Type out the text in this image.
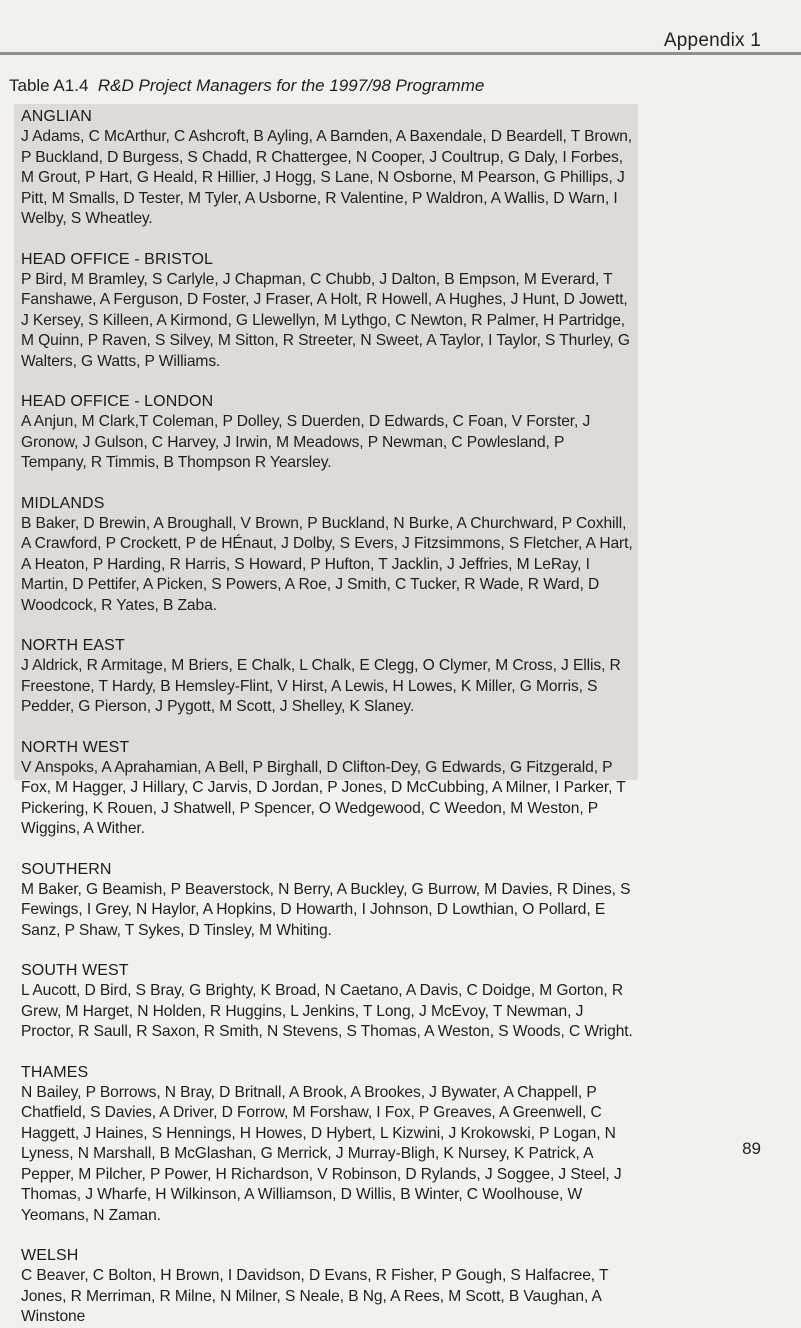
Appendix 1
Table A1.4 R&D Project Managers for the 1997/98 Programme

ANGLIAN

J Adams, C McArthur, C Ashcroft, B Ayling, A Barnden, A Baxendale, D Beardell, T Brown, P Buckland, D Burgess, S Chadd, R Chattergee, N Cooper, J Coultrup, G Daly, I Forbes, M Grout, P Hart, G Heald, R Hillier, J Hogg, S Lane, N Osborne, M Pearson, G Phillips, J Pitt, M Smalls, D Tester, M Tyler, A Usborne, R Valentine, P Waldron, A Wallis, D Warn, I Welby, S Wheatley.

HEAD OFFICE - BRISTOL

P Bird, M Bramley, S Carlyle, J Chapman, C Chubb, J Dalton, B Empson, M Everard, T Fanshawe, A Ferguson, D Foster, J Fraser, A Holt, R Howell, A Hughes, J Hunt, D Jowett, J Kersey, S Killeen, A Kirmond, G Llewellyn, M Lythgo, C Newton, R Palmer, H Partridge, M Quinn, P Raven, S Silvey, M Sitton, R Streeter, N Sweet, A Taylor, I Taylor, S Thurley, G Walters, G Watts, P Williams.

HEAD OFFICE - LONDON

A Anjun, M Clark,T Coleman, P Dolley, S Duerden, D Edwards, C Foan, V Forster, J Gronow, J Gulson, C Harvey, J Irwin, M Meadows, P Newman, C Powlesland, P Tempany, R Timmis, B Thompson R Yearsley.

MIDLANDS

B Baker, D Brewin, A Broughall, V Brown, P Buckland, N Burke, A Churchward, P Coxhill, A Crawford, P Crockett, P de HÉnaut, J Dolby, S Evers, J Fitzsimmons, S Fletcher, A Hart, A Heaton, P Harding, R Harris, S Howard, P Hufton, T Jacklin, J Jeffries, M LeRay, I Martin, D Pettifer, A Picken, S Powers, A Roe, J Smith, C Tucker, R Wade, R Ward, D Woodcock, R Yates, B Zaba.

NORTH EAST

J Aldrick, R Armitage, M Briers, E Chalk, L Chalk, E Clegg, O Clymer, M Cross, J Ellis, R Freestone, T Hardy, B Hemsley-Flint, V Hirst, A Lewis, H Lowes, K Miller, G Morris, S Pedder, G Pierson, J Pygott, M Scott, J Shelley, K Slaney.

NORTH WEST

V Anspoks, A Aprahamian, A Bell, P Birghall, D Clifton-Dey, G Edwards, G Fitzgerald, P Fox, M Hagger, J Hillary, C Jarvis, D Jordan, P Jones, D McCubbing, A Milner, I Parker, T Pickering, K Rouen, J Shatwell, P Spencer, O Wedgewood, C Weedon, M Weston, P Wiggins, A Wither.

SOUTHERN

M Baker, G Beamish, P Beaverstock, N Berry, A Buckley, G Burrow, M Davies, R Dines, S Fewings, I Grey, N Haylor, A Hopkins, D Howarth, I Johnson, D Lowthian, O Pollard, E Sanz, P Shaw, T Sykes, D Tinsley, M Whiting.

SOUTH WEST

L Aucott, D Bird, S Bray, G Brighty, K Broad, N Caetano, A Davis, C Doidge, M Gorton, R Grew, M Harget, N Holden, R Huggins, L Jenkins, T Long, J McEvoy, T Newman, J Proctor, R Saull, R Saxon, R Smith, N Stevens, S Thomas, A Weston, S Woods, C Wright.

THAMES

N Bailey, P Borrows, N Bray, D Britnall, A Brook, A Brookes, J Bywater, A Chappell, P Chatfield, S Davies, A Driver, D Forrow, M Forshaw, I Fox, P Greaves, A Greenwell, C Haggett, J Haines, S Hennings, H Howes, D Hybert, L Kizwini, J Krokowski, P Logan, N Lyness, N Marshall, B McGlashan, G Merrick, J Murray-Bligh, K Nursey, K Patrick, A Pepper, M Pilcher, P Power, H Richardson, V Robinson, D Rylands, J Soggee, J Steel, J Thomas, J Wharfe, H Wilkinson, A Williamson, D Willis, B Winter, C Woolhouse, W Yeomans, N Zaman.

WELSH

C Beaver, C Bolton, H Brown, I Davidson, D Evans, R Fisher, P Gough, S Halfacree, T Jones, R Merriman, R Milne, N Milner, S Neale, B Ng, A Rees, M Scott, B Vaughan, A Winstone

89
